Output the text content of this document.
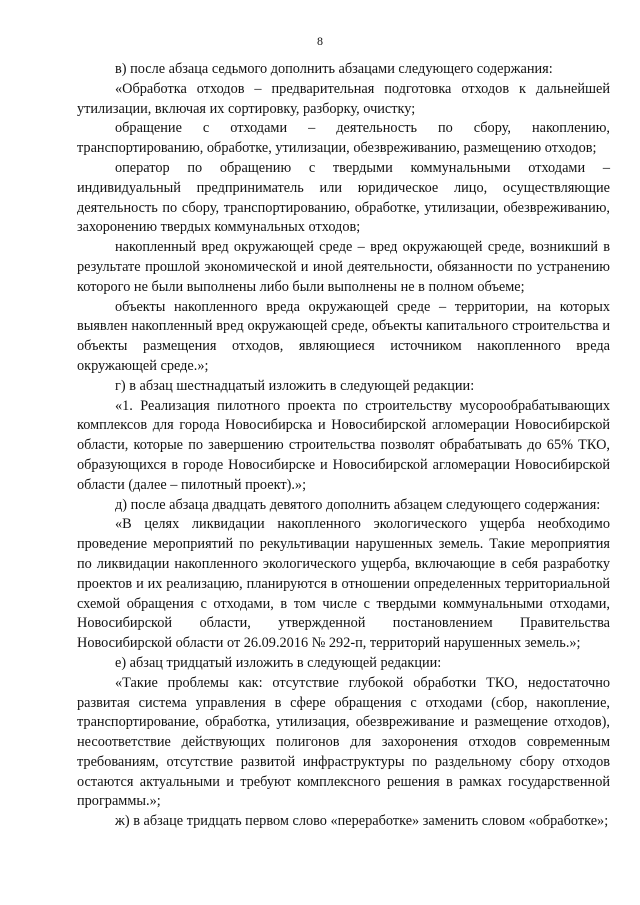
8

в) после абзаца седьмого дополнить абзацами следующего содержания:

«Обработка отходов – предварительная подготовка отходов к дальнейшей утилизации, включая их сортировку, разборку, очистку;

обращение с отходами – деятельность по сбору, накоплению, транспортированию, обработке, утилизации, обезвреживанию, размещению отходов;

оператор по обращению с твердыми коммунальными отходами – индивидуальный предприниматель или юридическое лицо, осуществляющие деятельность по сбору, транспортированию, обработке, утилизации, обезвреживанию, захоронению твердых коммунальных отходов;

накопленный вред окружающей среде – вред окружающей среде, возникший в результате прошлой экономической и иной деятельности, обязанности по устранению которого не были выполнены либо были выполнены не в полном объеме;

объекты накопленного вреда окружающей среде – территории, на которых выявлен накопленный вред окружающей среде, объекты капитального строительства и объекты размещения отходов, являющиеся источником накопленного вреда окружающей среде.»;

г) в абзац шестнадцатый изложить в следующей редакции:

«1. Реализация пилотного проекта по строительству мусорообрабатывающих комплексов для города Новосибирска и Новосибирской агломерации Новосибирской области, которые по завершению строительства позволят обрабатывать до 65% ТКО, образующихся в городе Новосибирске и Новосибирской агломерации Новосибирской области (далее – пилотный проект).»;

д) после абзаца двадцать девятого дополнить абзацем следующего содержания:

«В целях ликвидации накопленного экологического ущерба необходимо проведение мероприятий по рекультивации нарушенных земель. Такие мероприятия по ликвидации накопленного экологического ущерба, включающие в себя разработку проектов и их реализацию, планируются в отношении определенных территориальной схемой обращения с отходами, в том числе с твердыми коммунальными отходами, Новосибирской области, утвержденной постановлением Правительства Новосибирской области от 26.09.2016 № 292-п, территорий нарушенных земель.»;

е) абзац тридцатый изложить в следующей редакции:

«Такие проблемы как: отсутствие глубокой обработки ТКО, недостаточно развитая система управления в сфере обращения с отходами (сбор, накопление, транспортирование, обработка, утилизация, обезвреживание и размещение отходов), несоответствие действующих полигонов для захоронения отходов современным требованиям, отсутствие развитой инфраструктуры по раздельному сбору отходов остаются актуальными и требуют комплексного решения в рамках государственной программы.»;

ж) в абзаце тридцать первом слово «переработке» заменить словом «обработке»;
